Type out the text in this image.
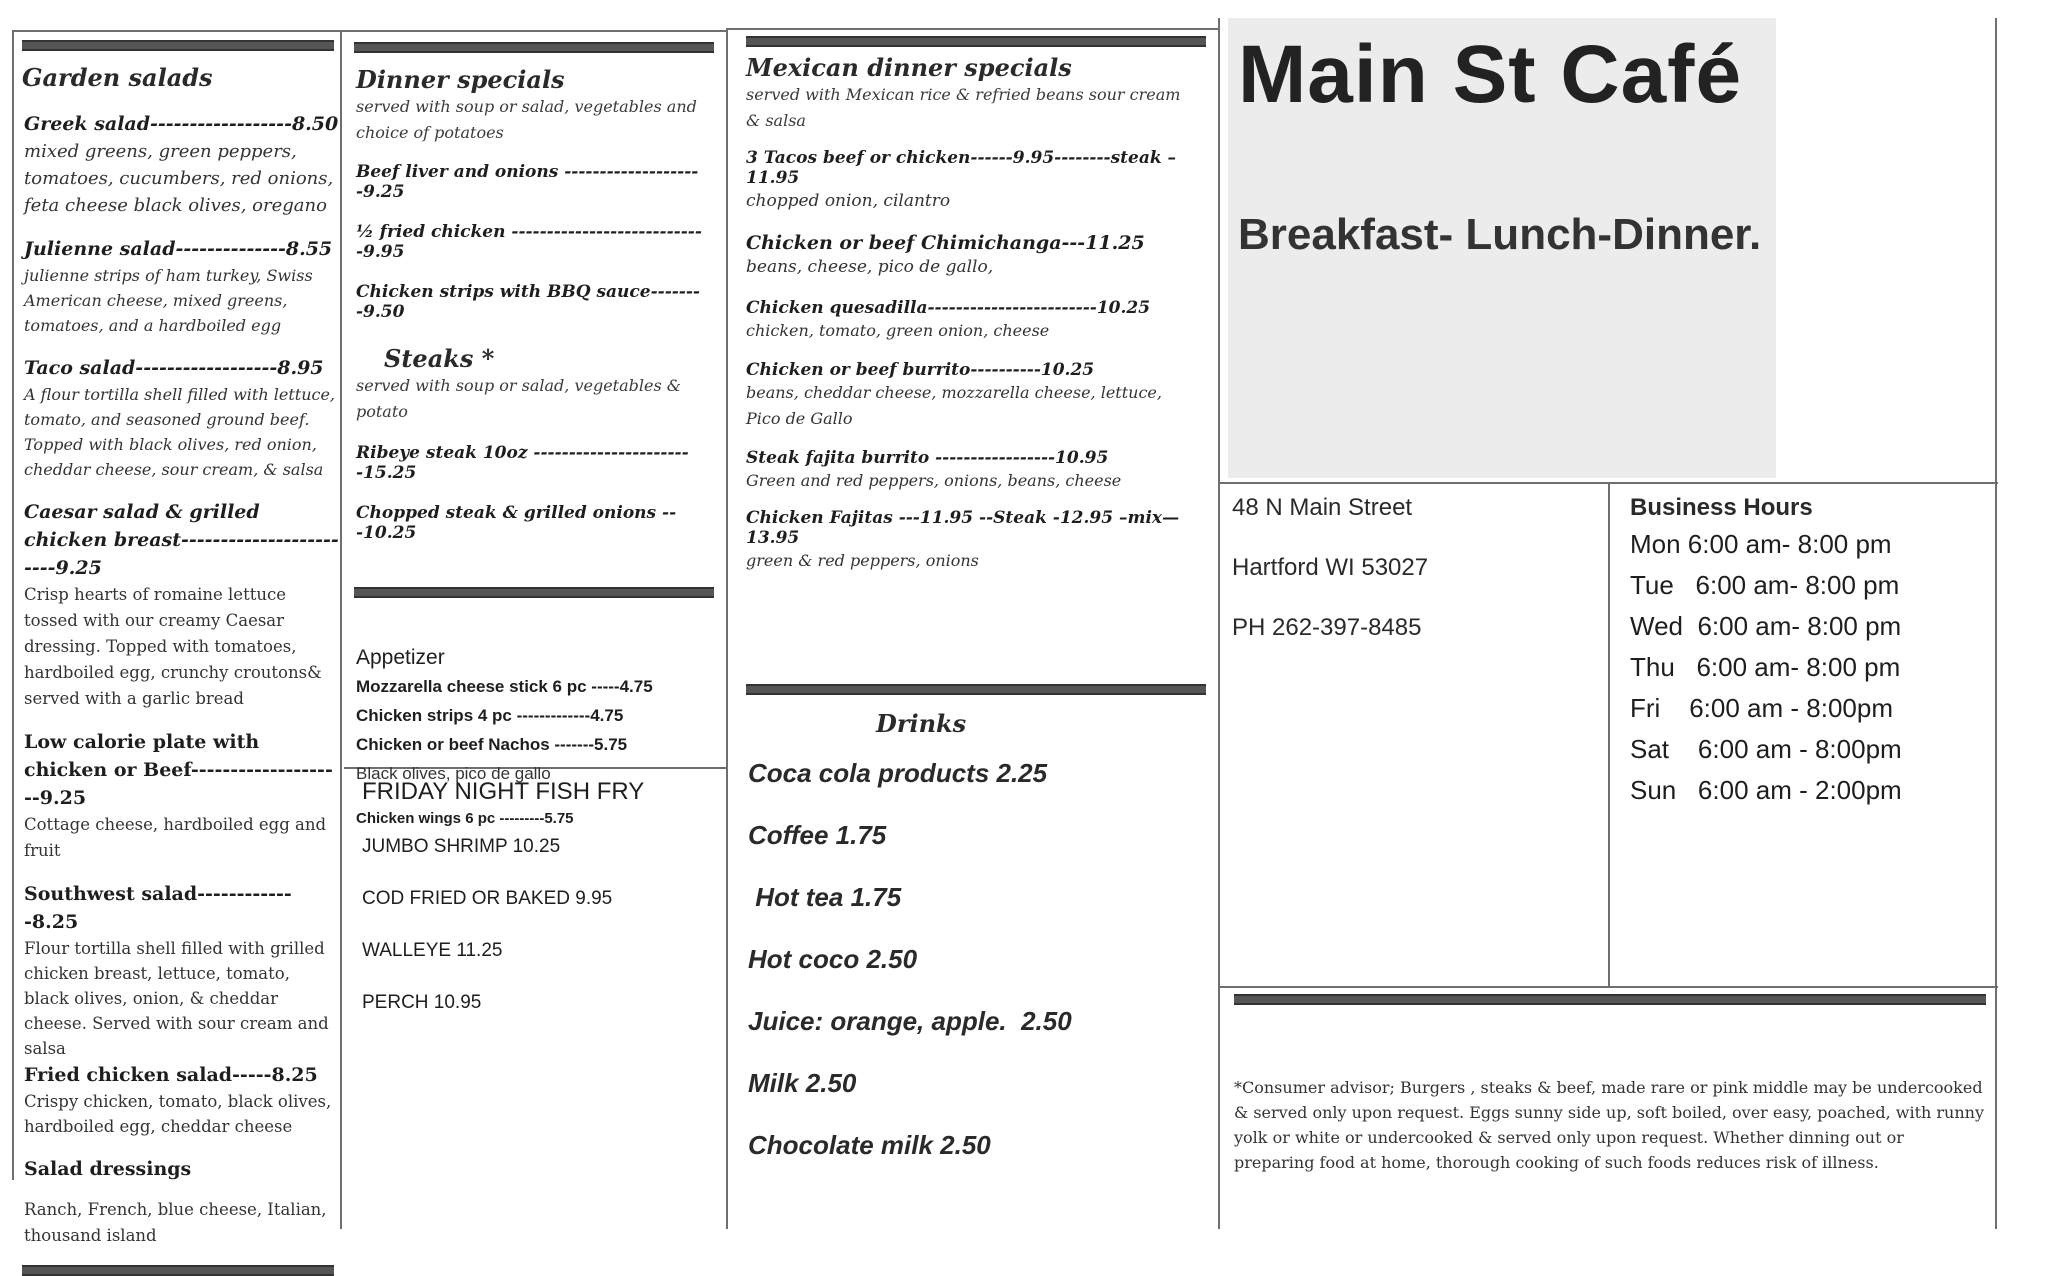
Garden salads
Greek salad------------------8.50
mixed greens, green peppers, tomatoes, cucumbers, red onions, feta cheese black olives, oregano
Julienne salad--------------8.55
julienne strips of ham turkey, Swiss American cheese, mixed greens, tomatoes, and a hardboiled egg
Taco salad------------------8.95
A flour tortilla shell filled with lettuce, tomato, and seasoned ground beef. Topped with black olives, red onion, cheddar cheese, sour cream, & salsa
Caesar salad & grilled chicken breast------------------------9.25
Crisp hearts of romaine lettuce tossed with our creamy Caesar dressing. Topped with tomatoes, hardboiled egg, crunchy croutons& served with a garlic bread
Low calorie plate with chicken or Beef--------------------9.25
Cottage cheese, hardboiled egg and fruit
Southwest salad-------------8.25
Flour tortilla shell filled with grilled chicken breast, lettuce, tomato, black olives, onion, & cheddar cheese. Served with sour cream and salsa
Fried chicken salad-----8.25
Crispy chicken, tomato, black olives, hardboiled egg, cheddar cheese
Salad dressings
Ranch, French, blue cheese, Italian, thousand island
Dinner specials
served with soup or salad, vegetables and choice of potatoes
Beef liver and onions --------------------9.25
½ fried chicken ----------------------------9.95
Chicken strips with BBQ sauce--------9.50
Steaks *
served with soup or salad, vegetables & potato
Ribeye steak 10oz -----------------------15.25
Chopped steak & grilled onions ---10.25
Appetizer
Mozzarella cheese stick 6 pc -----4.75
Chicken strips 4 pc -------------4.75
Chicken or beef Nachos -------5.75
Black olives, pico de gallo
Chicken wings 6 pc ---------5.75
FRIDAY NIGHT FISH FRY
JUMBO SHRIMP 10.25
COD FRIED OR BAKED 9.95
WALLEYE 11.25
PERCH 10.95
Mexican dinner specials
served with Mexican rice & refried beans sour cream & salsa
3 Tacos beef or chicken------9.95--------steak –11.95
chopped onion, cilantro
Chicken or beef Chimichanga---11.25
beans, cheese, pico de gallo,
Chicken quesadilla------------------------10.25
chicken, tomato, green onion, cheese
Chicken or beef burrito----------10.25
beans, cheddar cheese, mozzarella cheese, lettuce, Pico de Gallo
Steak fajita burrito -----------------10.95
Green and red peppers, onions, beans, cheese
Chicken Fajitas ---11.95 --Steak -12.95 –mix—13.95
green & red peppers, onions
Drinks
Coca cola products 2.25
Coffee 1.75
Hot tea 1.75
Hot coco 2.50
Juice: orange, apple.  2.50
Milk 2.50
Chocolate milk 2.50
Main St Café
Breakfast- Lunch-Dinner.
48 N Main Street
Hartford WI 53027
PH 262-397-8485
Business Hours
Mon 6:00 am- 8:00 pm
Tue   6:00 am- 8:00 pm
Wed  6:00 am- 8:00 pm
Thu   6:00 am- 8:00 pm
Fri    6:00 am - 8:00pm
Sat    6:00 am - 8:00pm
Sun   6:00 am - 2:00pm
*Consumer advisor; Burgers , steaks & beef, made rare or pink middle may be undercooked & served only upon request. Eggs sunny side up, soft boiled, over easy, poached, with runny yolk or white or undercooked & served only upon request. Whether dinning out or preparing food at home, thorough cooking of such foods reduces risk of illness.
